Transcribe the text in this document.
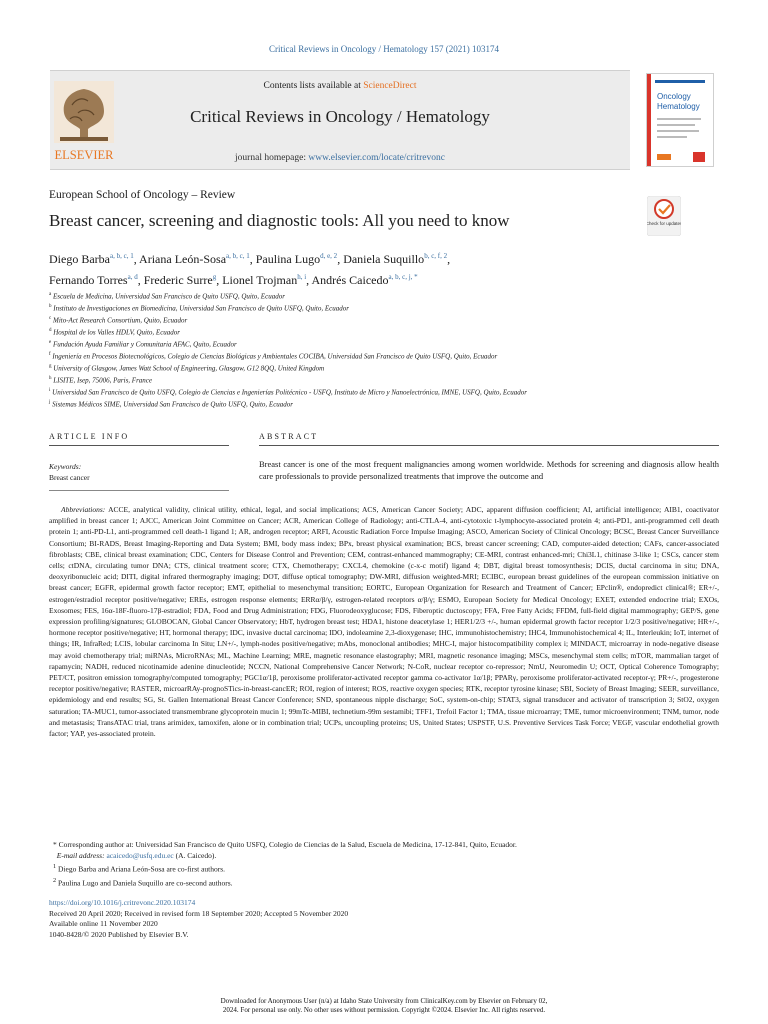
Critical Reviews in Oncology / Hematology 157 (2021) 103174
ELSEVIER
Contents lists available at ScienceDirect
Critical Reviews in Oncology / Hematology
journal homepage: www.elsevier.com/locate/critrevonc
Oncology
Hematology
European School of Oncology – Review
Breast cancer, screening and diagnostic tools: All you need to know	Check for updates
Diego Barba$^{a, b, c, 1}$, Ariana León-Sosa$^{a, b, c, 1}$, Paulina Lugo$^{d, e, 2}$, Daniela Suquillo$^{b, c, f, 2}$,
Fernando Torres$^{a, d}$, Frederic Surre$^g$, Lionel Trojman$^{h, i}$, Andrés Caicedo$^{a, b, c, j, *}$
$^a$ Escuela de Medicina, Universidad San Francisco de Quito USFQ, Quito, Ecuador
$^b$ Instituto de Investigaciones en Biomedicina, Universidad San Francisco de Quito USFQ, Quito, Ecuador
$^c$ Mito-Act Research Consortium, Quito, Ecuador
$^d$ Hospital de los Valles HDLV, Quito, Ecuador
$^e$ Fundación Ayuda Familiar y Comunitaria AFAC, Quito, Ecuador
$^f$ Ingeniería en Procesos Biotecnológicos, Colegio de Ciencias Biológicas y Ambientales COCIBA, Universidad San Francisco de Quito USFQ, Quito, Ecuador
$^g$ University of Glasgow, James Watt School of Engineering, Glasgow, G12 8QQ, United Kingdom
$^h$ LISITE, Isep, 75006, Paris, France
$^i$ Universidad San Francisco de Quito USFQ, Colegio de Ciencias e Ingenierías Politécnico - USFQ, Instituto de Micro y Nanoelectrónica, IMNE, USFQ, Quito, Ecuador
$^j$ Sistemas Médicos SIME, Universidad San Francisco de Quito USFQ, Quito, Ecuador
ARTICLE INFO	ABSTRACT
Keywords:
Breast cancer
Breast cancer is one of the most frequent malignancies among women worldwide. Methods for screening and diagnosis allow health care professionals to provide personalized treatments that improve the outcome and
Abbreviations: ACCE, analytical validity, clinical utility, ethical, legal, and social implications; ACS, American Cancer Society; ADC, apparent diffusion coefficient; AI, artificial intelligence; AIB1, coactivator amplified in breast cancer 1; AJCC, American Joint Committee on Cancer; ACR, American College of Radiology; anti-CTLA-4, anti-cytotoxic t-lymphocyte-associated protein 4; anti-PD1, anti-programmed cell death protein 1; anti-PD-L1, anti-programmed cell death-1 ligand 1; AR, androgen receptor; ARFI, Acoustic Radiation Force Impulse Imaging; ASCO, American Society of Clinical Oncology; BCSC, Breast Cancer Surveillance Consortium; BI-RADS, Breast Imaging-Reporting and Data System; BMI, body mass index; BPx, breast physical examination; BCS, breast cancer screening; CAD, computer-aided detection; CAFs, cancer-associated fibroblasts; CBE, clinical breast examination; CDC, Centers for Disease Control and Prevention; CEM, contrast-enhanced mammography; CE-MRI, contrast enhanced-mri; Chi3L1, chitinase 3-like 1; CSCs, cancer stem cells; ctDNA, circulating tumor DNA; CTS, clinical treatment score; CTX, Chemotherapy; CXCL4, chemokine (c-x-c motif) ligand 4; DBT, digital breast tomosynthesis; DCIS, ductal carcinoma in situ; DNA, deoxyribonucleic acid; DITI, digital infrared thermography imaging; DOT, diffuse optical tomography; DW-MRI, diffusion weighted-MRI; ECIBC, european breast guidelines of the european commission initiative on breast cancer; EGFR, epidermal growth factor receptor; EMT, epithelial to mesenchymal transition; EORTC, European Organization for Research and Treatment of Cancer; EPclin®, endopredict clinical®; ER+/-, estrogen/estradiol receptor positive/negative; EREs, estrogen response elements; ERRα/β/γ, estrogen-related receptors α/β/γ; ESMO, European Society for Medical Oncology; EXET, extended endocrine trial; EXOs, Exosomes; FES, 16α-18F-fluoro-17β-estradiol; FDA, Food and Drug Administration; FDG, Fluorodeoxyglucose; FDS, Fiberoptic ductoscopy; FFA, Free Fatty Acids; FFDM, full-field digital mammography; GEP/S, gene expression profiling/signatures; GLOBOCAN, Global Cancer Observatory; HbT, hydrogen breast test; HDA1, histone deacetylase 1; HER1/2/3 +/-, human epidermal growth factor receptor 1/2/3 positive/negative; HR+/-, hormone receptor positive/negative; HT, hormonal therapy; IDC, invasive ductal carcinoma; IDO, indoleamine 2,3-dioxygenase; IHC, immunohistochemistry; IHC4, Immunohistochemical 4; IL, Interleukin; IoT, internet of things; IR, InfraRed; LCIS, lobular carcinoma In Situ; LN+/-, lymph-nodes positive/negative; mAbs, monoclonal antibodies; MHC-I, major histocompatibility complex i; MINDACT, microarray in node-negative disease may avoid chemotherapy trial; miRNAs, MicroRNAs; ML, Machine Learning; MRE, magnetic resonance elastography; MRI, magnetic resonance imaging; MSCs, mesenchymal stem cells; mTOR, mammalian target of rapamycin; NADH, reduced nicotinamide adenine dinucleotide; NCCN, National Comprehensive Cancer Network; N-CoR, nuclear receptor co-repressor; NmU, Neuromedin U; OCT, Optical Coherence Tomography; PET/CT, positron emission tomography/computed tomography; PGC1α/1β, peroxisome proliferator-activated receptor gamma co-activator 1α/1β; PPARγ, peroxisome proliferator-activated receptor-γ; PR+/-, progesterone receptor positive/negative; RASTER, microarRAy-prognoSTics-in-breast-cancER; ROI, region of interest; ROS, reactive oxygen species; RTK, receptor tyrosine kinase; SBI, Society of Breast Imaging; SEER, surveillance, epidemiology and end results; SG, St. Gallen International Breast Cancer Conference; SND, spontaneous nipple discharge; SoC, system-on-chip; STAT3, signal transducer and activator of transcription 3; StO2, oxygen saturation; TA-MUC1, tumor-associated transmembrane glycoprotein mucin 1; 99mTc-MIBI, technetium-99m sestamibi; TFF1, Trefoil Factor 1; TMA, tissue microarray; TME, tumor microenvironment; TNM, tumor, node and metastasis; TransATAC trial, trans arimidex, tamoxifen, alone or in combination trial; UCPs, uncoupling proteins; US, United States; USPSTF, U.S. Preventive Services Task Force; VEGF, vascular endothelial growth factor; YAP, yes-associated protein.
* Corresponding author at: Universidad San Francisco de Quito USFQ, Colegio de Ciencias de la Salud, Escuela de Medicina, 17-12-841, Quito, Ecuador.
E-mail address: acaicedo@usfq.edu.ec (A. Caicedo).
$^1$ Diego Barba and Ariana León-Sosa are co-first authors.
$^2$ Paulina Lugo and Daniela Suquillo are co-second authors.
https://doi.org/10.1016/j.critrevonc.2020.103174
Received 20 April 2020; Received in revised form 18 September 2020; Accepted 5 November 2020
Available online 11 November 2020
1040-8428/© 2020 Published by Elsevier B.V.
Downloaded for Anonymous User (n/a) at Idaho State University from ClinicalKey.com by Elsevier on February 02,
2024. For personal use only. No other uses without permission. Copyright ©2024. Elsevier Inc. All rights reserved.
